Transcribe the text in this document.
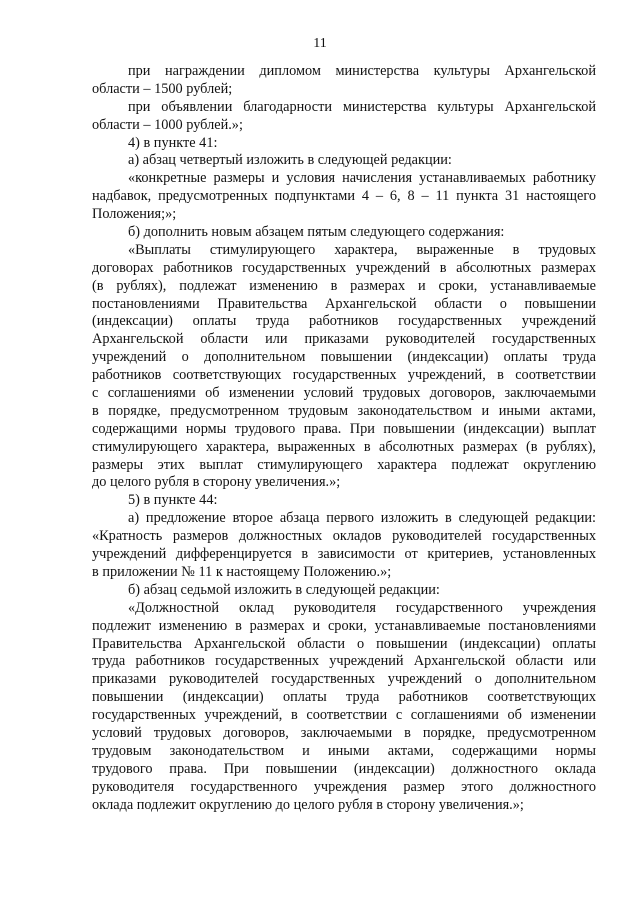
11
при награждении дипломом министерства культуры Архангельской
области – 1500 рублей;
при объявлении благодарности министерства культуры Архангельской
области – 1000 рублей.»;
4) в пункте 41:
а) абзац четвертый изложить в следующей редакции:
«конкретные размеры и условия начисления устанавливаемых работнику
надбавок, предусмотренных подпунктами 4 – 6, 8 – 11 пункта 31 настоящего
Положения;»;
б) дополнить новым абзацем пятым следующего содержания:
«Выплаты стимулирующего характера, выраженные в трудовых
договорах работников государственных учреждений в абсолютных размерах
(в рублях), подлежат изменению в размерах и сроки, устанавливаемые
постановлениями Правительства Архангельской области о повышении
(индексации) оплаты труда работников государственных учреждений
Архангельской области или приказами руководителей государственных
учреждений о дополнительном повышении (индексации) оплаты труда
работников соответствующих государственных учреждений, в соответствии
с соглашениями об изменении условий трудовых договоров, заключаемыми
в порядке, предусмотренном трудовым законодательством и иными актами,
содержащими нормы трудового права. При повышении (индексации) выплат
стимулирующего характера, выраженных в абсолютных размерах (в рублях),
размеры этих выплат стимулирующего характера подлежат округлению
до целого рубля в сторону увеличения.»;
5) в пункте 44:
а) предложение второе абзаца первого изложить в следующей редакции:
«Кратность размеров должностных окладов руководителей государственных
учреждений дифференцируется в зависимости от критериев, установленных
в приложении № 11 к настоящему Положению.»;
б) абзац седьмой изложить в следующей редакции:
«Должностной оклад руководителя государственного учреждения
подлежит изменению в размерах и сроки, устанавливаемые постановлениями
Правительства Архангельской области о повышении (индексации) оплаты
труда работников государственных учреждений Архангельской области или
приказами руководителей государственных учреждений о дополнительном
повышении (индексации) оплаты труда работников соответствующих
государственных учреждений, в соответствии с соглашениями об изменении
условий трудовых договоров, заключаемыми в порядке, предусмотренном
трудовым законодательством и иными актами, содержащими нормы
трудового права. При повышении (индексации) должностного оклада
руководителя государственного учреждения размер этого должностного
оклада подлежит округлению до целого рубля в сторону увеличения.»;
